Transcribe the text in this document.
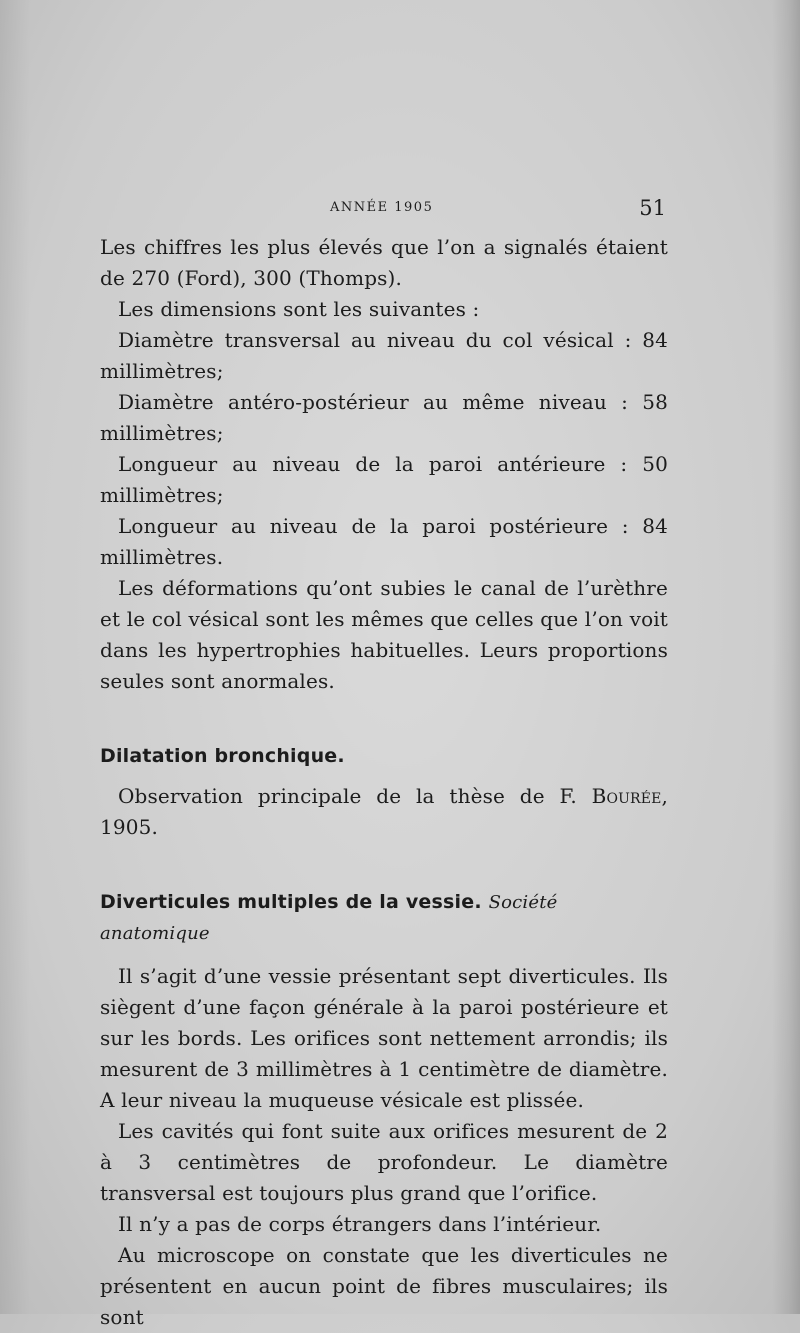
ANNÉE 1905	51

Les chiffres les plus élevés que l’on a signalés étaient de 270 (Ford), 300 (Thomps).

Les dimensions sont les suivantes :

Diamètre transversal au niveau du col vésical : 84 millimètres;

Diamètre antéro-postérieur au même niveau : 58 millimètres;

Longueur au niveau de la paroi antérieure : 50 millimètres;

Longueur au niveau de la paroi postérieure : 84 millimètres.

Les déformations qu’ont subies le canal de l’urèthre et le col vésical sont les mêmes que celles que l’on voit dans les hypertrophies habituelles. Leurs proportions seules sont anormales.

Dilatation bronchique.

Observation principale de la thèse de F. Bourée, 1905.

Diverticules multiples de la vessie. Société anatomique

Il s’agit d’une vessie présentant sept diverticules. Ils siègent d’une façon générale à la paroi postérieure et sur les bords. Les orifices sont nettement arrondis; ils mesurent de 3 millimètres à 1 centimètre de diamètre. A leur niveau la muqueuse vésicale est plissée.

Les cavités qui font suite aux orifices mesurent de 2 à 3 centimètres de profondeur. Le diamètre transversal est toujours plus grand que l’orifice.

Il n’y a pas de corps étrangers dans l’intérieur.

Au microscope on constate que les diverticules ne présentent en aucun point de fibres musculaires; ils sont
